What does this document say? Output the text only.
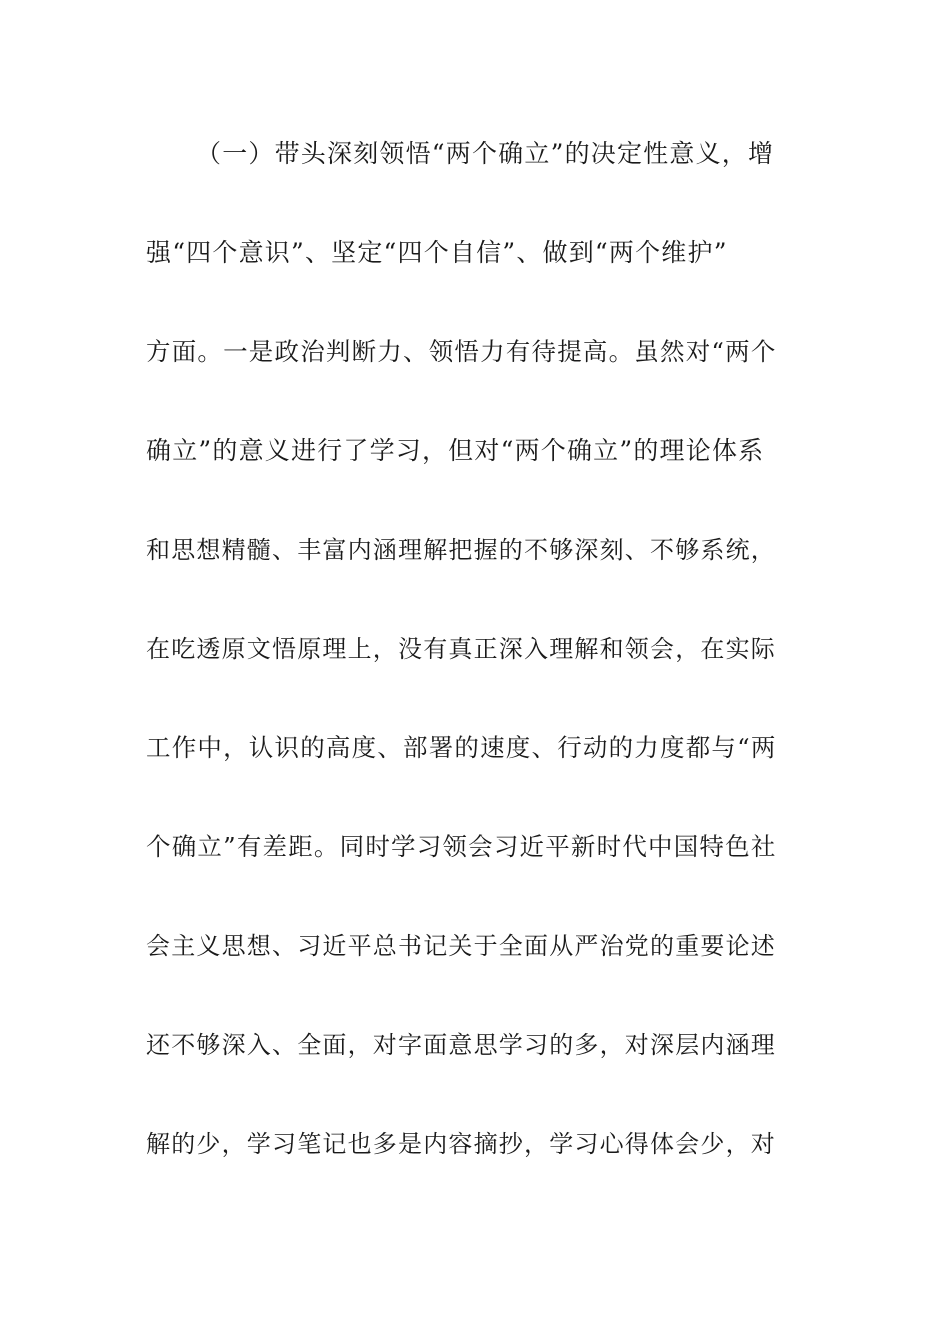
（一）带头深刻领悟“两个确立”的决定性意义，增
强“四个意识”、坚定“四个自信”、做到“两个维护”
方面。一是政治判断力、领悟力有待提高。虽然对“两个
确立”的意义进行了学习，但对“两个确立”的理论体系
和思想精髓、丰富内涵理解把握的不够深刻、不够系统，
在吃透原文悟原理上，没有真正深入理解和领会，在实际
工作中，认识的高度、部署的速度、行动的力度都与“两
个确立”有差距。同时学习领会习近平新时代中国特色社
会主义思想、习近平总书记关于全面从严治党的重要论述
还不够深入、全面，对字面意思学习的多，对深层内涵理
解的少，学习笔记也多是内容摘抄，学习心得体会少，对
